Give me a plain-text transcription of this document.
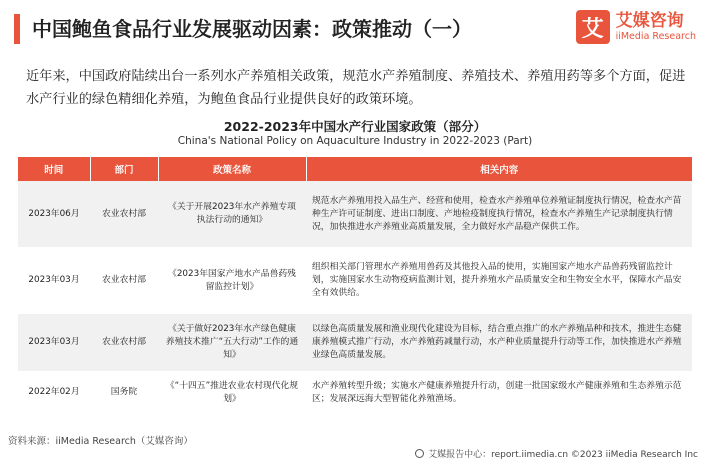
中国鲍鱼食品行业发展驱动因素：政策推动（一）	艾 艾媒咨询
iiMedia Research
近年来，中国政府陆续出台一系列水产养殖相关政策，规范水产养殖制度、养殖技术、养殖用药等多个方面，促进水产行业的绿色精细化养殖，为鲍鱼食品行业提供良好的政策环境。
2022-2023年中国水产行业国家政策（部分）
China's National Policy on Aquaculture Industry in 2022-2023 (Part)
时间	部门	政策名称	相关内容
2023年06月	农业农村部	《关于开展2023年水产养殖专项执法行动的通知》	规范水产养殖用投入品生产、经营和使用，检查水产养殖单位养殖证制度执行情况，检查水产苗种生产许可证制度、进出口制度、产地检疫制度执行情况，检查水产养殖生产记录制度执行情况，加快推进水产养殖业高质量发展，全力做好水产品稳产保供工作。
2023年03月	农业农村部	《2023年国家产地水产品兽药残留监控计划》	组织相关部门管理水产养殖用兽药及其他投入品的使用，实施国家产地水产品兽药残留监控计划，实施国家水生动物疫病监测计划，提升养殖水产品质量安全和生物安全水平，保障水产品安全有效供给。
2023年03月	农业农村部	《关于做好2023年水产绿色健康养殖技术推广“五大行动”工作的通知》	以绿色高质量发展和渔业现代化建设为目标，结合重点推广的水产养殖品种和技术，推进生态健康养殖模式推广行动，水产养殖药减量行动，水产种业质量提升行动等工作，加快推进水产养殖业绿色高质量发展。
2022年02月	国务院	《“十四五”推进农业农村现代化规划》	水产养殖转型升级；实施水产健康养殖提升行动，创建一批国家级水产健康养殖和生态养殖示范区；发展深远海大型智能化养殖渔场。
资料来源：iiMedia Research（艾媒咨询）
艾媒报告中心：report.iimedia.cn ©2023 iiMedia Research Inc
